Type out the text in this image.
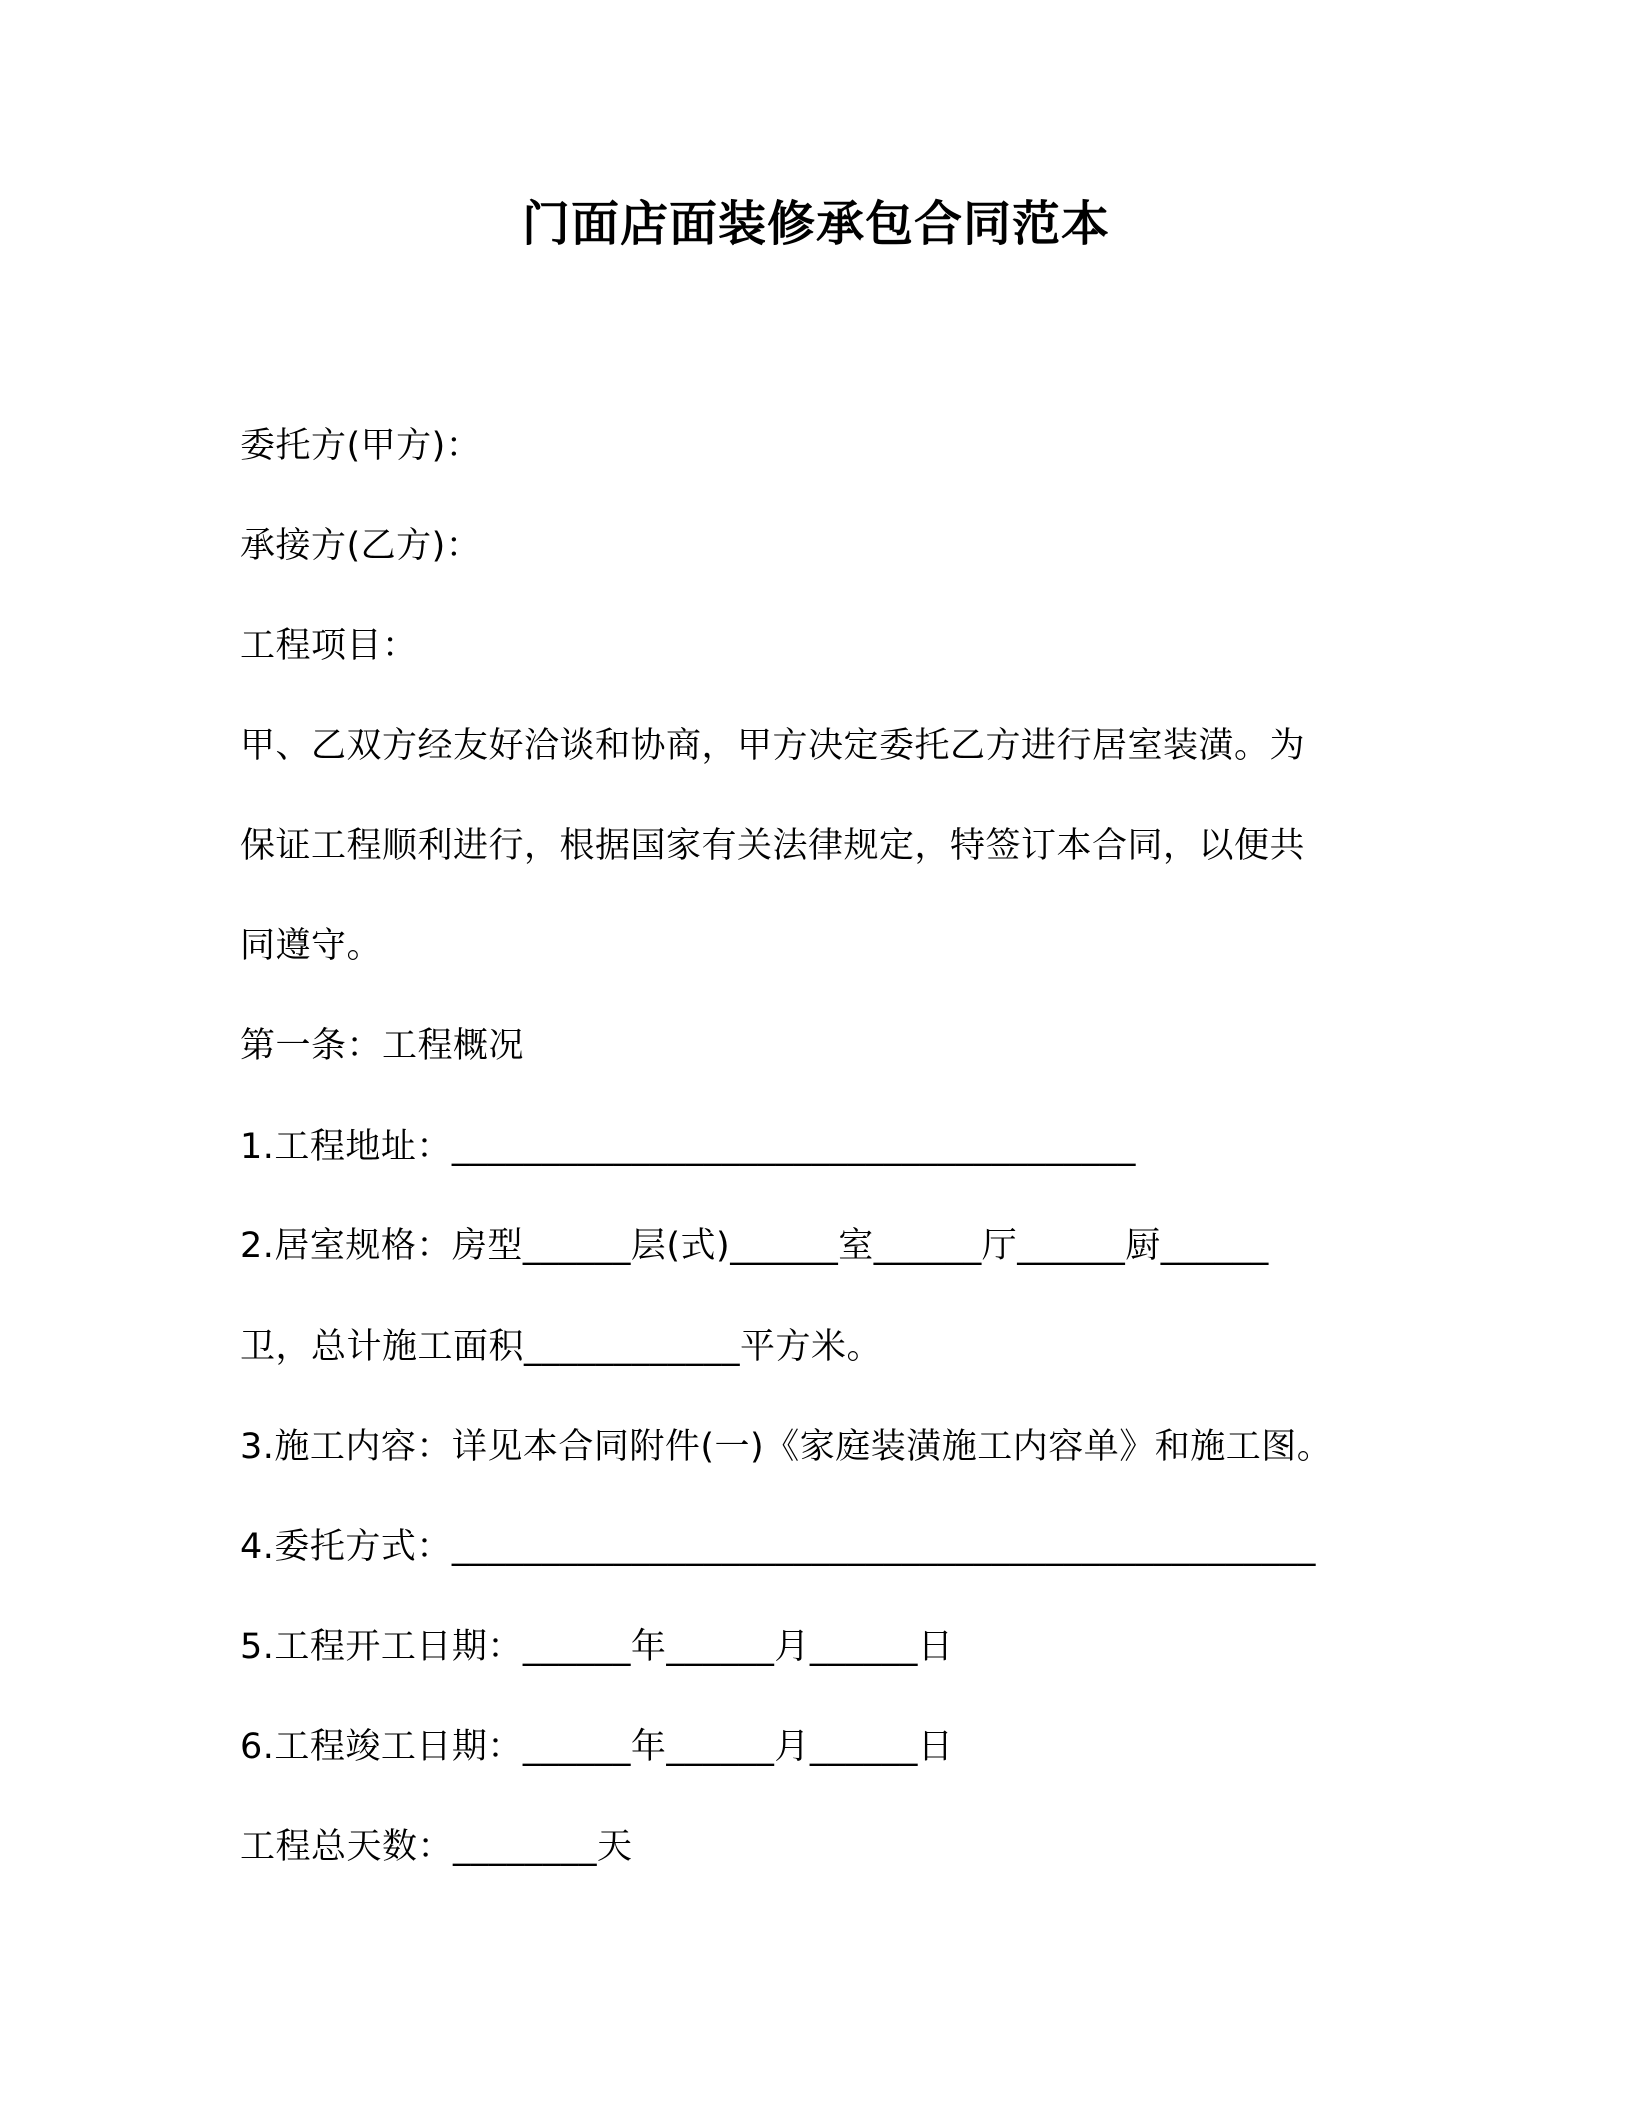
门面店面装修承包合同范本
委托方(甲方)：
承接方(乙方)：
工程项目：
甲、乙双方经友好洽谈和协商，甲方决定委托乙方进行居室装潢。为
保证工程顺利进行，根据国家有关法律规定，特签订本合同，以便共
同遵守。
第一条：工程概况
1.工程地址：______________________________________
2.居室规格：房型______层(式)______室______厅______厨______
卫，总计施工面积____________平方米。
3.施工内容：详见本合同附件(一)《家庭装潢施工内容单》和施工图。
4.委托方式：________________________________________________
5.工程开工日期：______年______月______日
6.工程竣工日期：______年______月______日
工程总天数：________天
